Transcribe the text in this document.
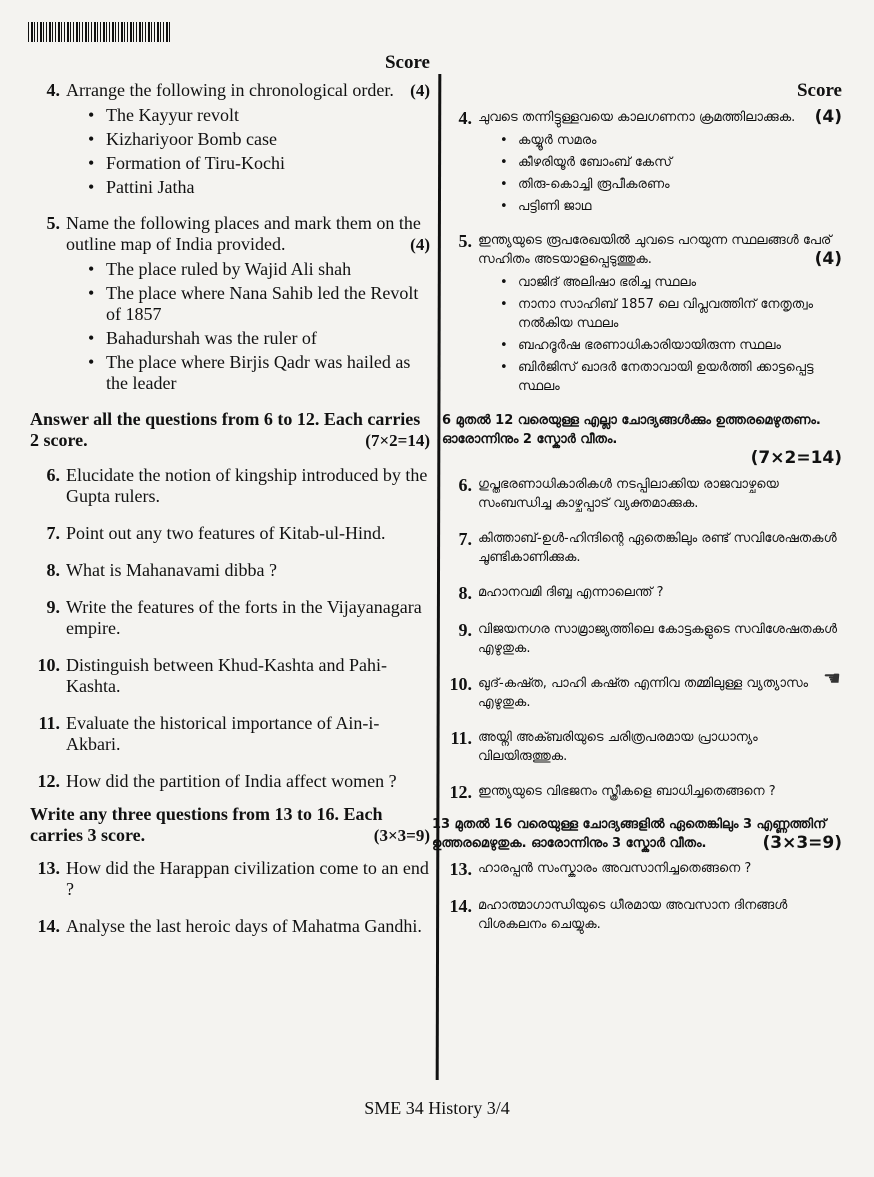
Score
4. Arrange the following in chronological order. (4)
• The Kayyur revolt
• Kizhariyoor Bomb case
• Formation of Tiru-Kochi
• Pattini Jatha
5. Name the following places and mark them on the outline map of India provided.	(4)
• The place ruled by Wajid Ali shah
• The place where Nana Sahib led the Revolt of 1857
• Bahadurshah was the ruler of
• The place where Birjis Qadr was hailed as the leader
Answer all the questions from 6 to 12. Each carries 2 score.	(7×2=14)
6. Elucidate the notion of kingship introduced by the Gupta rulers.
7. Point out any two features of Kitab-ul-Hind.
8. What is Mahanavami dibba ?
9. Write the features of the forts in the Vijayanagara empire.
10. Distinguish between Khud-Kashta and Pahi-Kashta.
11. Evaluate the historical importance of Ain-i-Akbari.
12. How did the partition of India affect women ?
Write any three questions from 13 to 16. Each carries 3 score.	(3×3=9)
13. How did the Harappan civilization come to an end ?
14. Analyse the last heroic days of Mahatma Gandhi.
Score
4. ചുവടെ തന്നിട്ടുള്ളവയെ കാലഗണനാ ക്രമത്തിലാക്കുക. (4)
• കയ്യൂർ സമരം
• കീഴരിയൂർ ബോംബ് കേസ്
• തിരു-കൊച്ചി രൂപീകരണം
• പട്ടിണി ജാഥ
5. ഇന്ത്യയുടെ രൂപരേഖയിൽ ചുവടെ പറയുന്ന സ്ഥലങ്ങൾ പേര് സഹിതം അടയാളപ്പെടുത്തുക.	(4)
• വാജിദ് അലിഷാ ഭരിച്ച സ്ഥലം
• നാനാ സാഹിബ് 1857 ലെ വിപ്ലവത്തിന് നേതൃത്വം നൽകിയ സ്ഥലം
• ബഹദൂർഷ ഭരണാധികാരിയായിരുന്ന സ്ഥലം
• ബിർജിസ് ഖാദർ നേതാവായി ഉയർത്തി ക്കാട്ടപ്പെട്ട സ്ഥലം
6 മുതൽ 12 വരെയുള്ള എല്ലാ ചോദ്യങ്ങൾക്കും ഉത്തരമെഴുതണം. ഓരോന്നിനും 2 സ്കോർ വീതം.
(7×2=14)
6. ഗുപ്തഭരണാധികാരികൾ നടപ്പിലാക്കിയ രാജവാഴ്ചയെ സംബന്ധിച്ച കാഴ്ചപ്പാട് വ്യക്തമാക്കുക.
7. കിത്താബ്-ഉൾ-ഹിന്ദിന്റെ ഏതെങ്കിലും രണ്ട് സവിശേഷതകൾ ചൂണ്ടികാണിക്കുക.
8. മഹാനവമി ദിബ്ബ എന്നാലെന്ത് ?
9. വിജയനഗര സാമ്രാജ്യത്തിലെ കോട്ടകളുടെ സവിശേഷതകൾ എഴുതുക.
10. ഖുദ്-കഷ്ത, പാഹി കഷ്ത എന്നിവ തമ്മിലുള്ള വ്യത്യാസം എഴുതുക.
11. അയ്നി അക്ബരിയുടെ ചരിത്രപരമായ പ്രാധാന്യം വിലയിരുത്തുക.
12. ഇന്ത്യയുടെ വിഭജനം സ്ത്രീകളെ ബാധിച്ചതെങ്ങനെ ?
13 മുതൽ 16 വരെയുള്ള ചോദ്യങ്ങളിൽ ഏതെങ്കിലും 3 എണ്ണത്തിന് ഉത്തരമെഴുതുക. ഓരോന്നിനും 3 സ്കോർ വീതം.	(3×3=9)
13. ഹാരപ്പൻ സംസ്കാരം അവസാനിച്ചതെങ്ങനെ ?
14. മഹാത്മാഗാന്ധിയുടെ ധീരമായ അവസാന ദിനങ്ങൾ വിശകലനം ചെയ്യുക.
☚
SME 34 History 3/4
